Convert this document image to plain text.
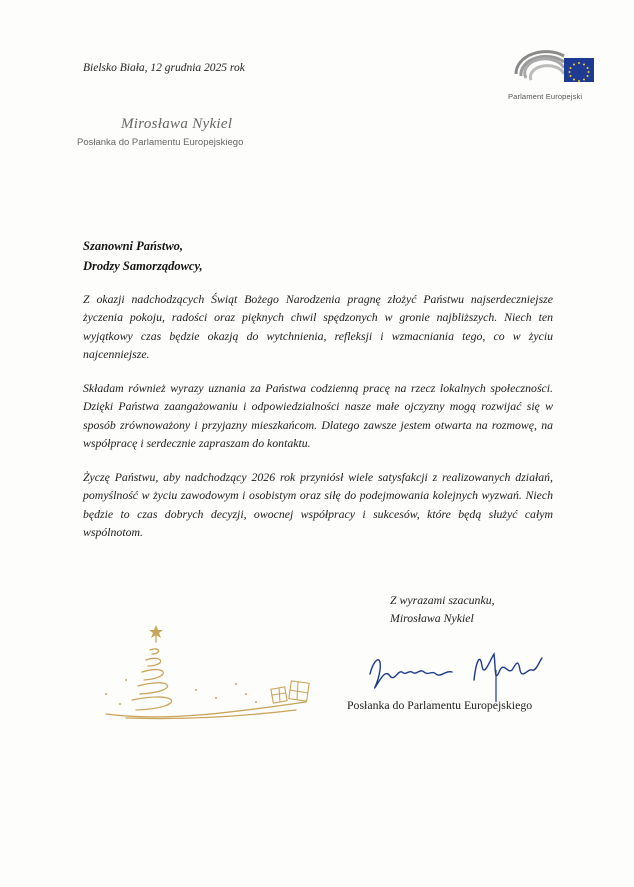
Bielsko Biała, 12 grudnia 2025 rok
Parlament Europejski
Mirosława Nykiel
Posłanka do Parlamentu Europejskiego
Szanowni Państwo,
Drodzy Samorządowcy,
Z okazji nadchodzących Świąt Bożego Narodzenia pragnę złożyć Państwu najserdeczniejsze życzenia pokoju, radości oraz pięknych chwil spędzonych w gronie najbliższych. Niech ten wyjątkowy czas będzie okazją do wytchnienia, refleksji i wzmacniania tego, co w życiu najcenniejsze.
Składam również wyrazy uznania za Państwa codzienną pracę na rzecz lokalnych społeczności. Dzięki Państwa zaangażowaniu i odpowiedzialności nasze małe ojczyzny mogą rozwijać się w sposób zrównoważony i przyjazny mieszkańcom. Dlatego zawsze jestem otwarta na rozmowę, na współpracę i serdecznie zapraszam do kontaktu.
Życzę Państwu, aby nadchodzący 2026 rok przyniósł wiele satysfakcji z realizowanych działań, pomyślność w życiu zawodowym i osobistym oraz siłę do podejmowania kolejnych wyzwań. Niech będzie to czas dobrych decyzji, owocnej współpracy i sukcesów, które będą służyć całym wspólnotom.
Z wyrazami szacunku,
Mirosława Nykiel
Posłanka do Parlamentu Europejskiego
